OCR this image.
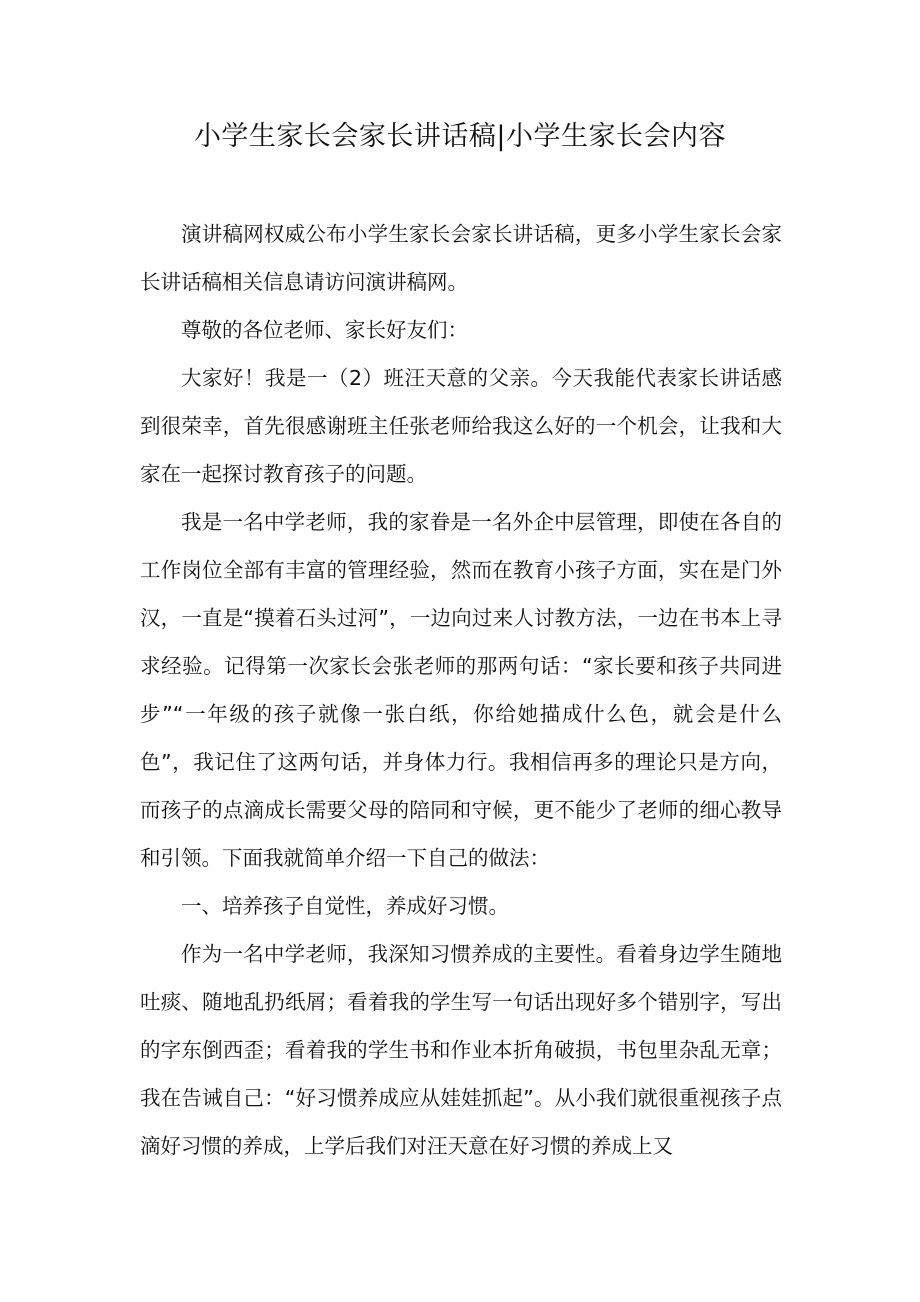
小学生家长会家长讲话稿|小学生家长会内容

演讲稿网权威公布小学生家长会家长讲话稿，更多小学生家长会家长讲话稿相关信息请访问演讲稿网。

尊敬的各位老师、家长好友们：

大家好！我是一（2）班汪天意的父亲。今天我能代表家长讲话感到很荣幸，首先很感谢班主任张老师给我这么好的一个机会，让我和大家在一起探讨教育孩子的问题。

我是一名中学老师，我的家眷是一名外企中层管理，即使在各自的工作岗位全部有丰富的管理经验，然而在教育小孩子方面，实在是门外汉，一直是“摸着石头过河”，一边向过来人讨教方法，一边在书本上寻求经验。记得第一次家长会张老师的那两句话：“家长要和孩子共同进步”“一年级的孩子就像一张白纸，你给她描成什么色，就会是什么色”，我记住了这两句话，并身体力行。我相信再多的理论只是方向，而孩子的点滴成长需要父母的陪同和守候，更不能少了老师的细心教导和引领。下面我就简单介绍一下自己的做法：

一、培养孩子自觉性，养成好习惯。

作为一名中学老师，我深知习惯养成的主要性。看着身边学生随地吐痰、随地乱扔纸屑；看着我的学生写一句话出现好多个错别字，写出的字东倒西歪；看着我的学生书和作业本折角破损，书包里杂乱无章；我在告诫自己：“好习惯养成应从娃娃抓起”。从小我们就很重视孩子点滴好习惯的养成，上学后我们对汪天意在好习惯的养成上又
